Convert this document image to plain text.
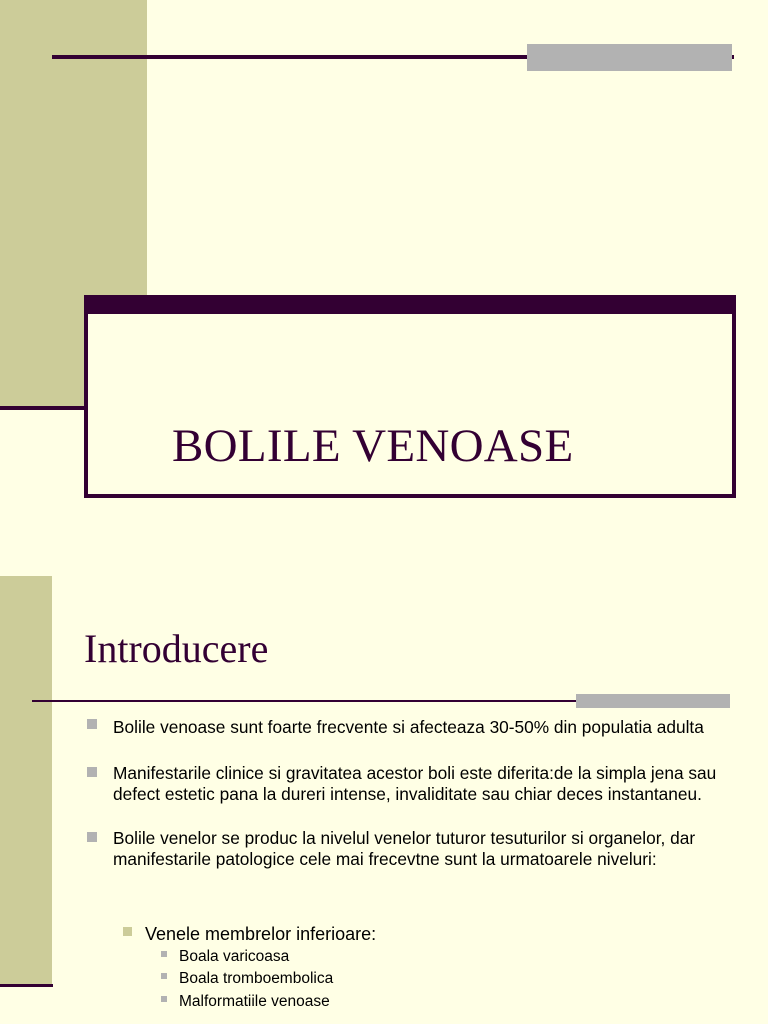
BOLILE VENOASE
Introducere
Bolile venoase sunt foarte frecvente si afecteaza 30-50% din populatia adulta
Manifestarile clinice si gravitatea acestor boli este diferita:de la simpla jena sau defect estetic pana la dureri intense, invaliditate sau chiar deces instantaneu.
Bolile venelor se produc la nivelul venelor tuturor tesuturilor si organelor, dar manifestarile patologice cele mai frecevtne sunt la urmatoarele niveluri:
Venele membrelor inferioare:
Boala varicoasa
Boala tromboembolica
Malformatiile venoase
